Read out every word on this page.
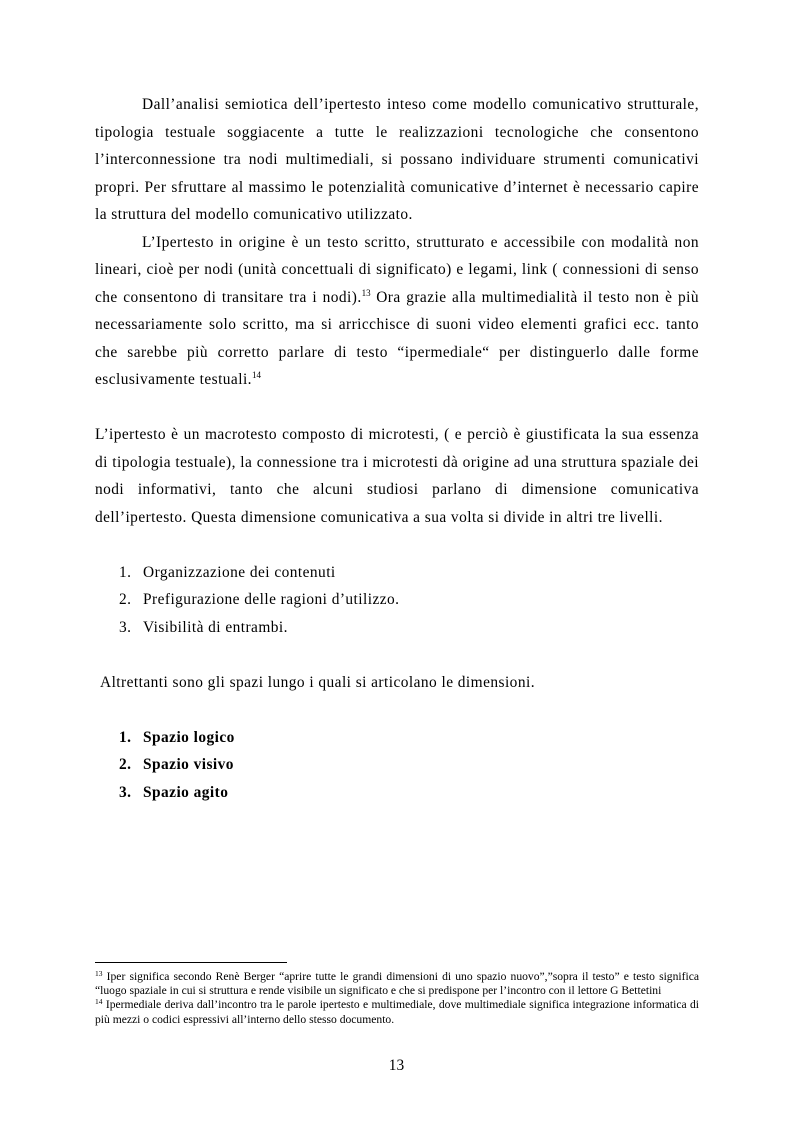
Dall’analisi semiotica dell’ipertesto inteso come modello comunicativo strutturale, tipologia testuale soggiacente a tutte le realizzazioni tecnologiche che consentono l’interconnessione tra nodi multimediali, si possano individuare strumenti comunicativi propri. Per sfruttare al massimo le potenzialità comunicative d’internet è necessario capire la struttura del modello comunicativo utilizzato.

L’Ipertesto in origine è un testo scritto, strutturato e accessibile con modalità non lineari, cioè per nodi (unità concettuali di significato) e legami, link ( connessioni di senso che consentono di transitare tra i nodi).$^{13}$ Ora grazie alla multimedialità il testo non è più necessariamente solo scritto, ma si arricchisce di suoni video elementi grafici ecc. tanto che sarebbe più corretto parlare di testo “ipermediale“ per distinguerlo dalle forme esclusivamente testuali.$^{14}$

L’ipertesto è un macrotesto composto di microtesti, ( e perciò è giustificata la sua essenza di tipologia testuale), la connessione tra i microtesti dà origine ad una struttura spaziale dei nodi informativi, tanto che alcuni studiosi parlano di dimensione comunicativa dell’ipertesto. Questa dimensione comunicativa a sua volta si divide in altri tre livelli.

1. Organizzazione dei contenuti
2. Prefigurazione delle ragioni d’utilizzo.
3. Visibilità di entrambi.

Altrettanti sono gli spazi lungo i quali si articolano le dimensioni.

1. Spazio logico
2. Spazio visivo
3. Spazio agito

$^{13}$ Iper significa secondo Renè Berger “aprire tutte le grandi dimensioni di uno spazio nuovo”,”sopra il testo” e testo significa “luogo spaziale in cui si struttura e rende visibile un significato e che si predispone per l’incontro con il lettore G Bettetini

$^{14}$ Ipermediale deriva dall’incontro tra le parole ipertesto e multimediale, dove multimediale significa integrazione informatica di più mezzi o codici espressivi all’interno dello stesso documento.

13
